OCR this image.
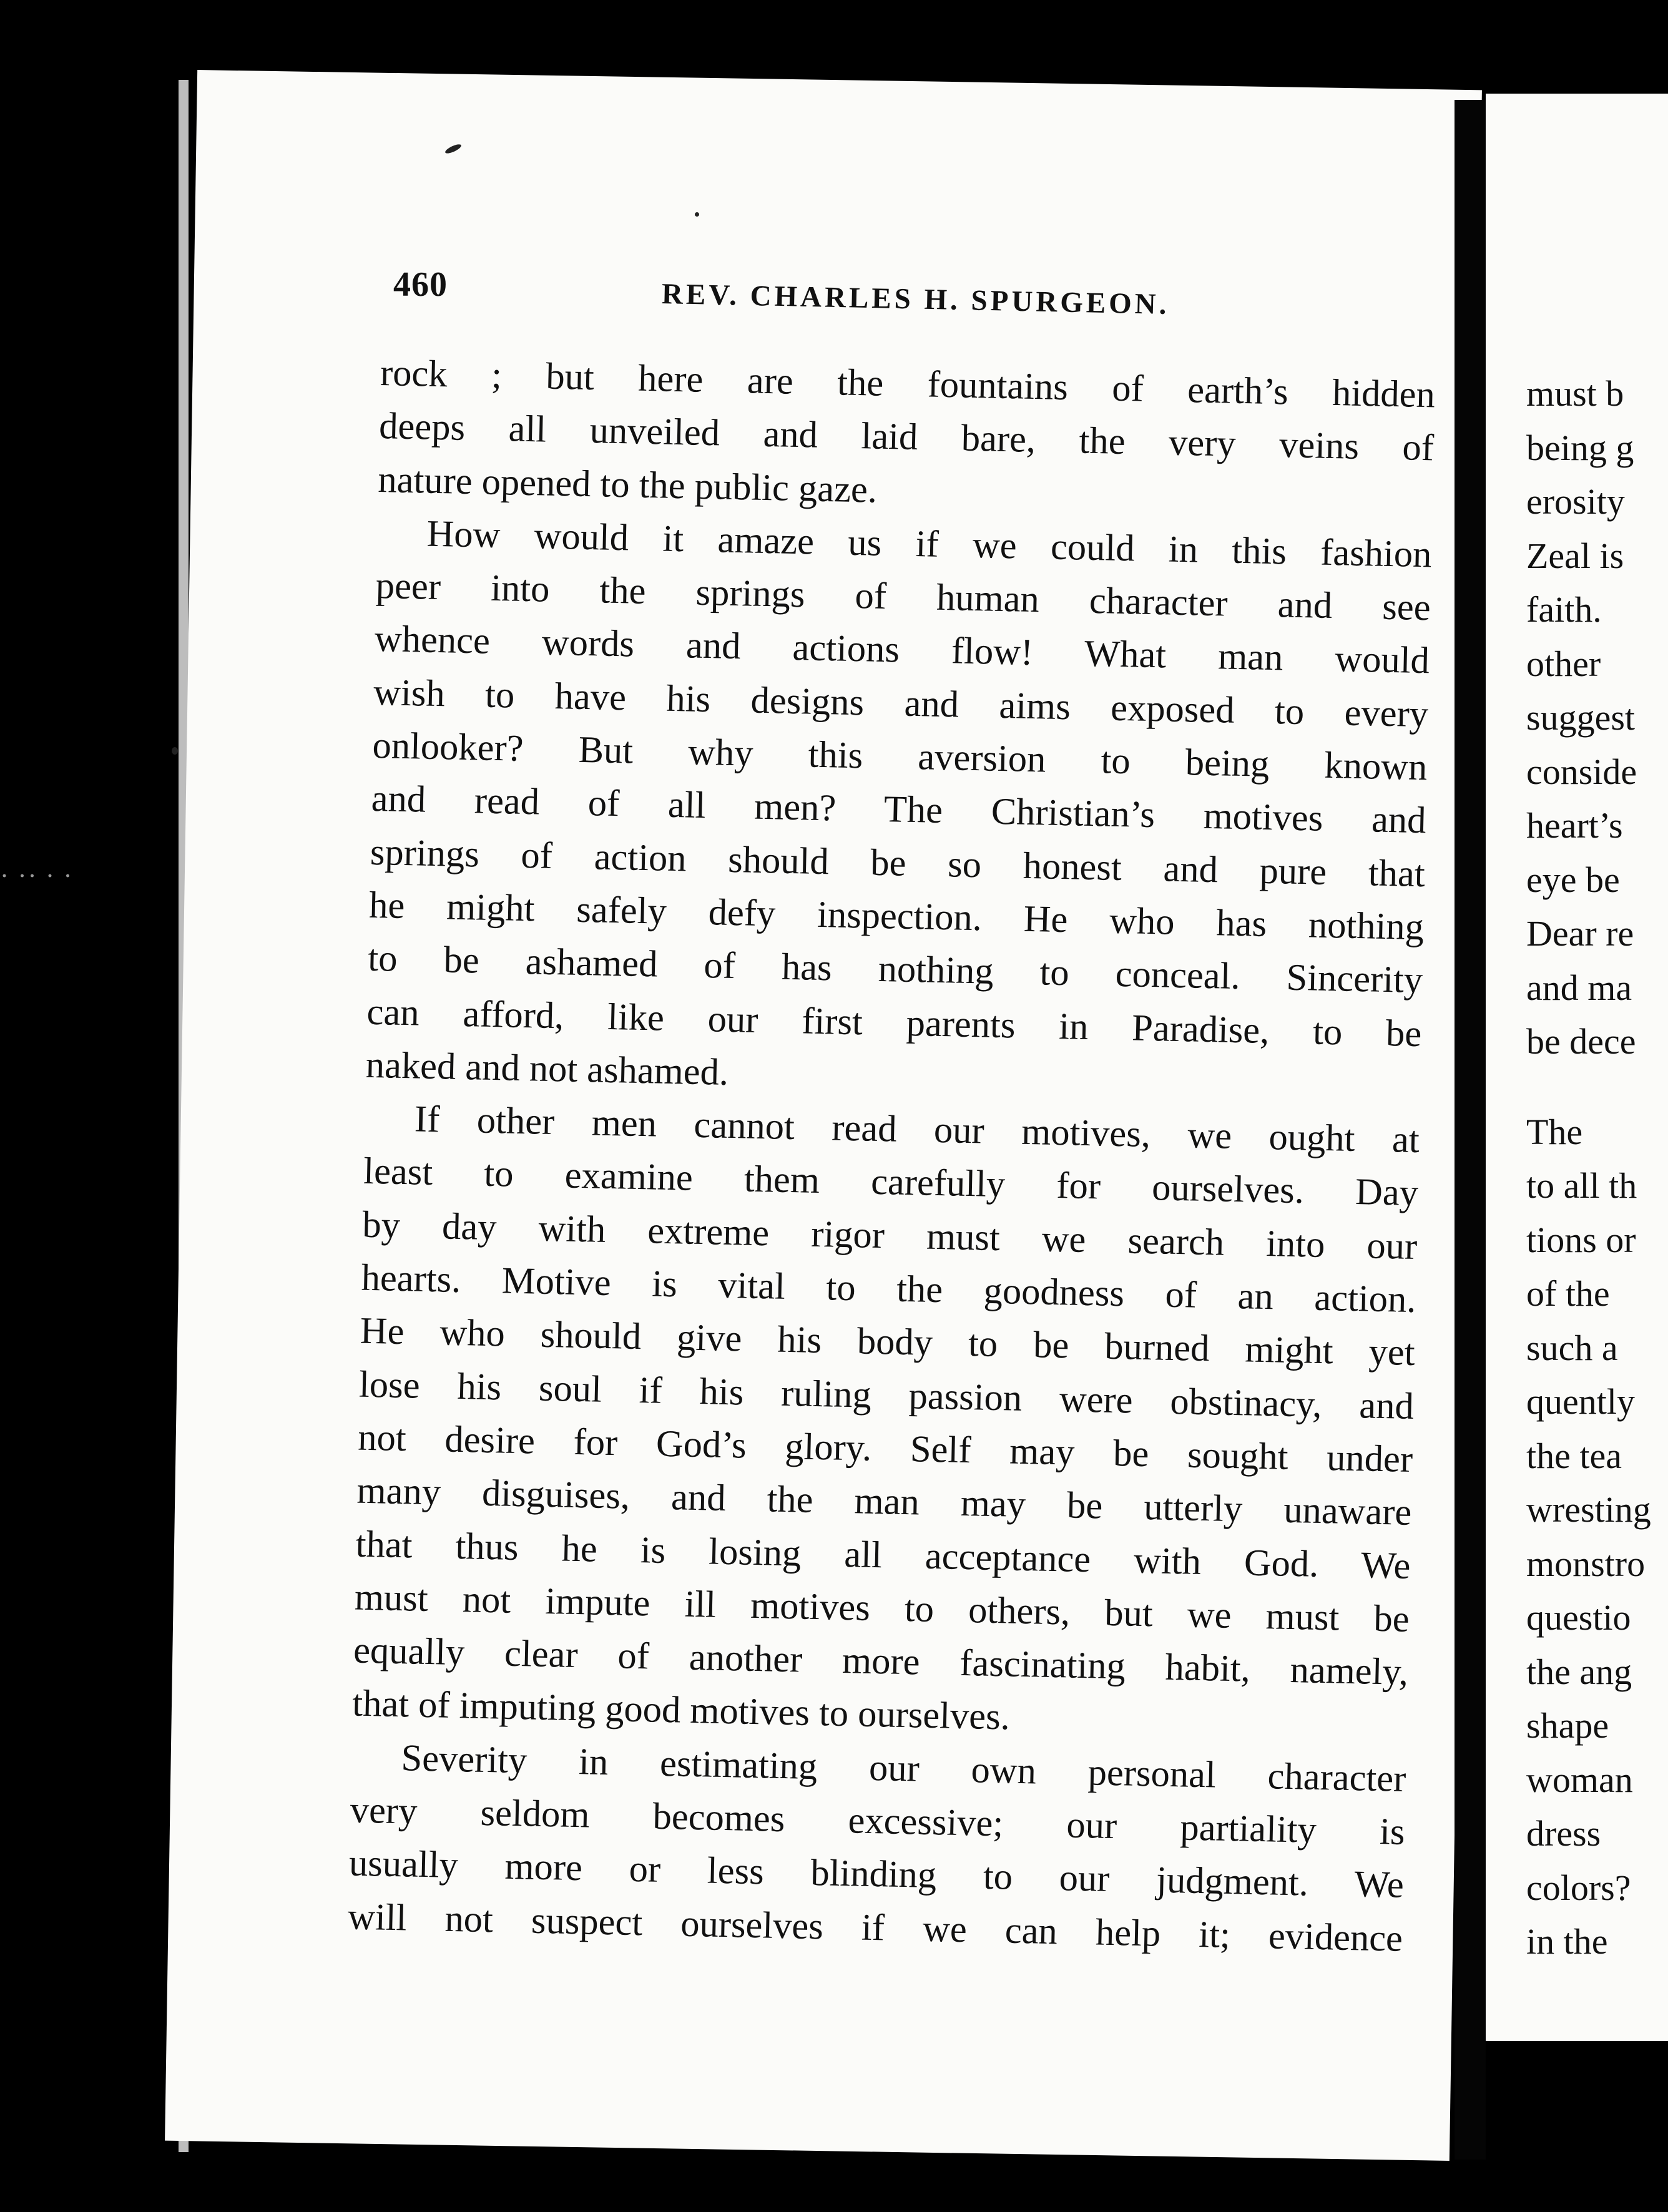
· ·· · ·
460	REV. CHARLES H. SPURGEON.
rock ; but here are the fountains of earth’s hidden
deeps all unveiled and laid bare, the very veins of
nature opened to the public gaze.
How would it amaze us if we could in this fashion
peer into the springs of human character and see
whence words and actions flow! What man would
wish to have his designs and aims exposed to every
onlooker? But why this aversion to being known
and read of all men? The Christian’s motives and
springs of action should be so honest and pure that
he might safely defy inspection. He who has nothing
to be ashamed of has nothing to conceal. Sincerity
can afford, like our first parents in Paradise, to be
naked and not ashamed.
If other men cannot read our motives, we ought at
least to examine them carefully for ourselves. Day
by day with extreme rigor must we search into our
hearts. Motive is vital to the goodness of an action.
He who should give his body to be burned might yet
lose his soul if his ruling passion were obstinacy, and
not desire for God’s glory. Self may be sought under
many disguises, and the man may be utterly unaware
that thus he is losing all acceptance with God. We
must not impute ill motives to others, but we must be
equally clear of another more fascinating habit, namely,
that of imputing good motives to ourselves.
Severity in estimating our own personal character
very seldom becomes excessive; our partiality is
usually more or less blinding to our judgment. We
will not suspect ourselves if we can help it; evidence
must b
being g
erosity
Zeal is
faith.
other
suggest
conside
heart’s
eye be
Dear re
and ma
be dece
The
to all th
tions or
of the
such a
quently
the tea
wresting
monstro
questio
the ang
shape
woman
dress
colors?
in the
